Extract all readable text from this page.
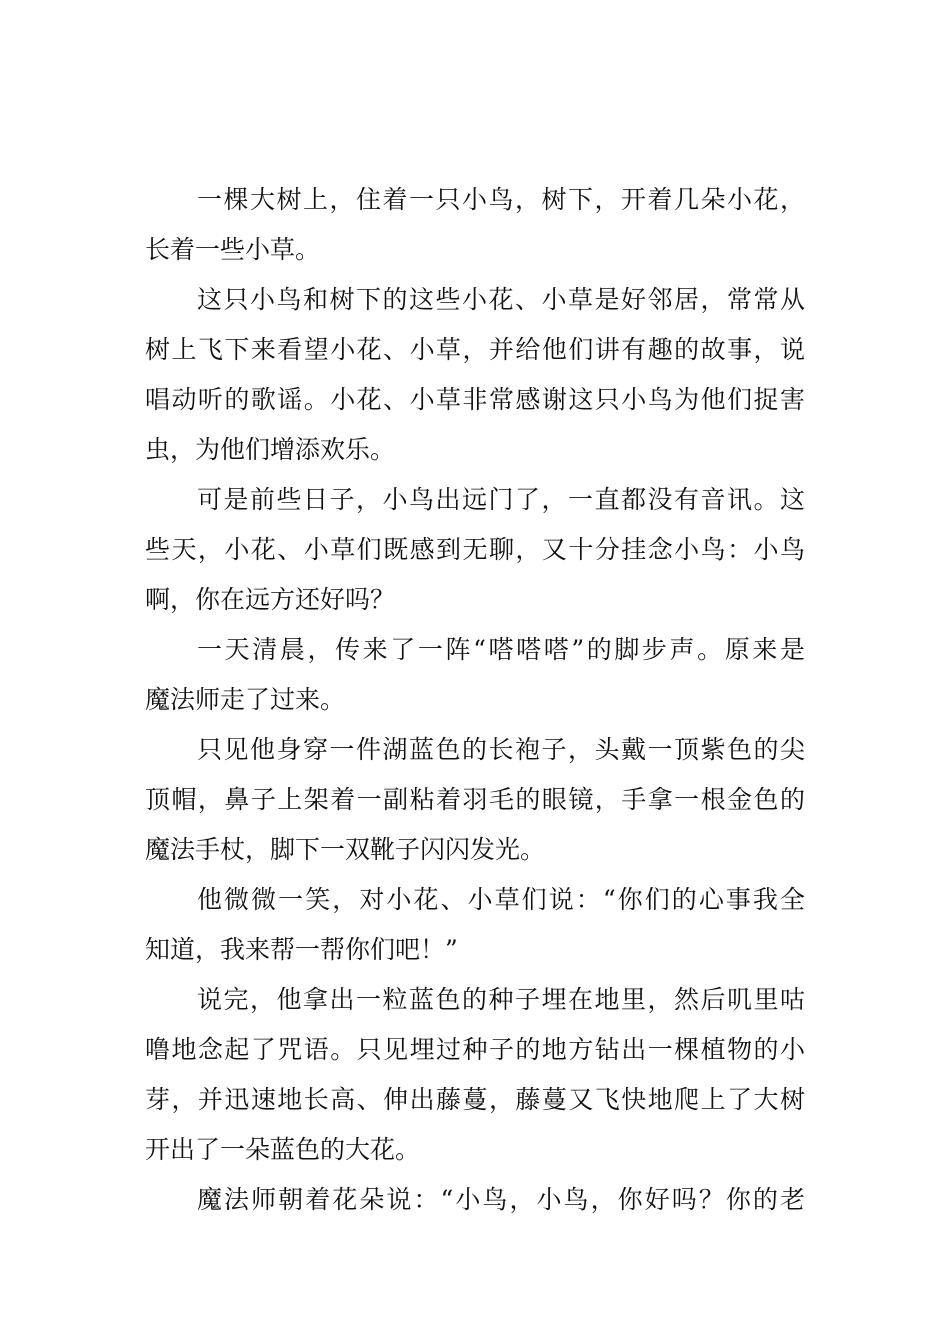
一棵大树上，住着一只小鸟，树下，开着几朵小花，
长着一些小草。
这只小鸟和树下的这些小花、小草是好邻居，常常从
树上飞下来看望小花、小草，并给他们讲有趣的故事，说
唱动听的歌谣。小花、小草非常感谢这只小鸟为他们捉害
虫，为他们增添欢乐。
可是前些日子，小鸟出远门了，一直都没有音讯。这
些天，小花、小草们既感到无聊，又十分挂念小鸟：小鸟
啊，你在远方还好吗？
一天清晨，传来了一阵“嗒嗒嗒”的脚步声。原来是
魔法师走了过来。
只见他身穿一件湖蓝色的长袍子，头戴一顶紫色的尖
顶帽，鼻子上架着一副粘着羽毛的眼镜，手拿一根金色的
魔法手杖，脚下一双靴子闪闪发光。
他微微一笑，对小花、小草们说：“你们的心事我全
知道，我来帮一帮你们吧！”
说完，他拿出一粒蓝色的种子埋在地里，然后叽里咕
噜地念起了咒语。只见埋过种子的地方钻出一棵植物的小
芽，并迅速地长高、伸出藤蔓，藤蔓又飞快地爬上了大树
开出了一朵蓝色的大花。
魔法师朝着花朵说：“小鸟，小鸟，你好吗？你的老
